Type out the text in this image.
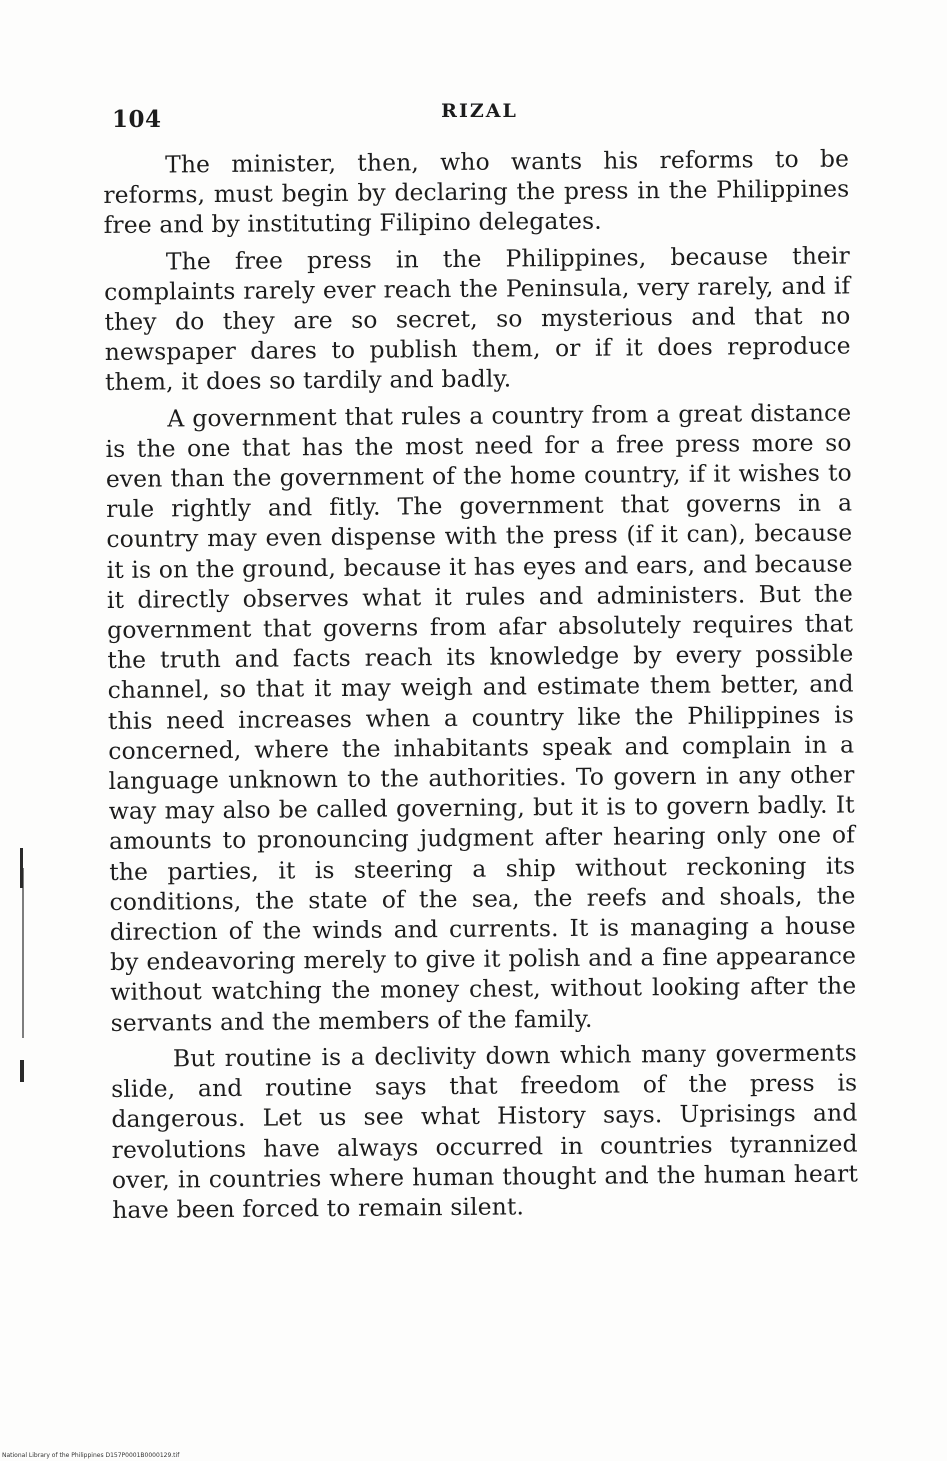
104	RIZAL

The minister, then, who wants his reforms to be reforms, must begin by declaring the press in the Philippines free and by instituting Filipino delegates.

The free press in the Philippines, because their complaints rarely ever reach the Peninsula, very rarely, and if they do they are so secret, so mysterious and that no newspaper dares to publish them, or if it does reproduce them, it does so tardily and badly.

A government that rules a country from a great distance is the one that has the most need for a free press more so even than the government of the home country, if it wishes to rule rightly and fitly. The government that governs in a country may even dispense with the press (if it can), because it is on the ground, because it has eyes and ears, and because it directly observes what it rules and administers. But the government that governs from afar absolutely requires that the truth and facts reach its knowledge by every possible channel, so that it may weigh and estimate them better, and this need increases when a country like the Philippines is concerned, where the inhabitants speak and complain in a language unknown to the authorities. To govern in any other way may also be called governing, but it is to govern badly. It amounts to pronouncing judgment after hearing only one of the parties, it is steering a ship without reckoning its conditions, the state of the sea, the reefs and shoals, the direction of the winds and currents. It is managing a house by endeavoring merely to give it polish and a fine appearance without watching the money chest, without looking after the servants and the members of the family.

But routine is a declivity down which many goverments slide, and routine says that freedom of the press is dangerous. Let us see what History says. Uprisings and revolutions have always occurred in countries tyrannized over, in countries where human thought and the human heart have been forced to remain silent.

National Library of the Philippines D157P0001B0000129.tif
